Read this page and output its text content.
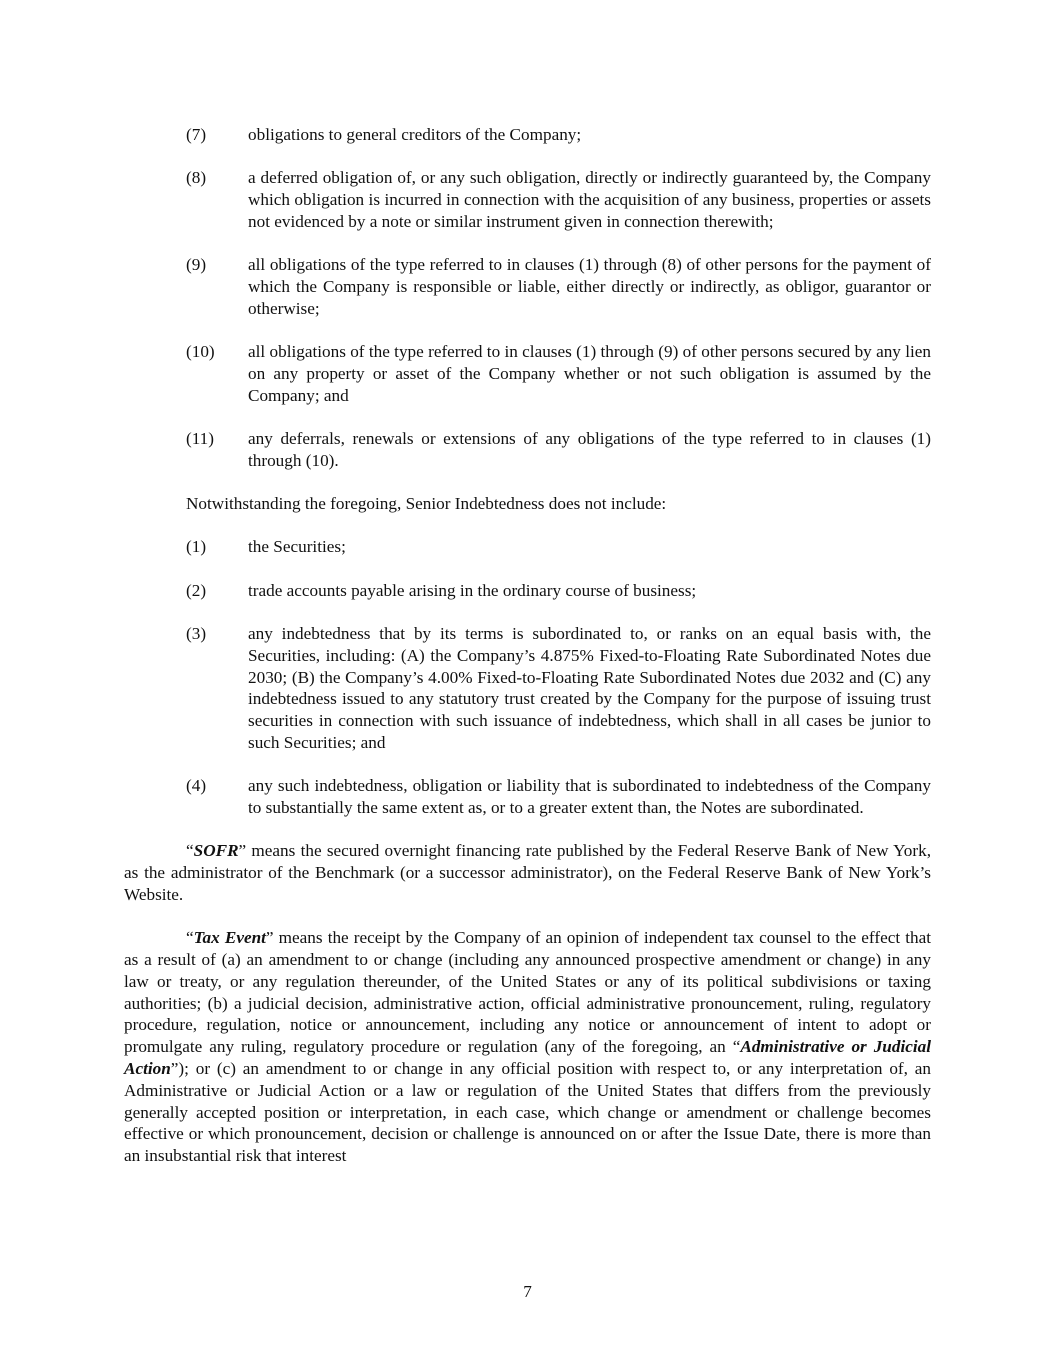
(7)	obligations to general creditors of the Company;
(8)	a deferred obligation of, or any such obligation, directly or indirectly guaranteed by, the Company which obligation is incurred in connection with the acquisition of any business, properties or assets not evidenced by a note or similar instrument given in connection therewith;
(9)	all obligations of the type referred to in clauses (1) through (8) of other persons for the payment of which the Company is responsible or liable, either directly or indirectly, as obligor, guarantor or otherwise;
(10)	all obligations of the type referred to in clauses (1) through (9) of other persons secured by any lien on any property or asset of the Company whether or not such obligation is assumed by the Company; and
(11)	any deferrals, renewals or extensions of any obligations of the type referred to in clauses (1) through (10).
Notwithstanding the foregoing, Senior Indebtedness does not include:
(1)	the Securities;
(2)	trade accounts payable arising in the ordinary course of business;
(3)	any indebtedness that by its terms is subordinated to, or ranks on an equal basis with, the Securities, including: (A) the Company’s 4.875% Fixed-to-Floating Rate Subordinated Notes due 2030; (B) the Company’s 4.00% Fixed-to-Floating Rate Subordinated Notes due 2032 and (C) any indebtedness issued to any statutory trust created by the Company for the purpose of issuing trust securities in connection with such issuance of indebtedness, which shall in all cases be junior to such Securities; and
(4)	any such indebtedness, obligation or liability that is subordinated to indebtedness of the Company to substantially the same extent as, or to a greater extent than, the Notes are subordinated.

“SOFR” means the secured overnight financing rate published by the Federal Reserve Bank of New York, as the administrator of the Benchmark (or a successor administrator), on the Federal Reserve Bank of New York’s Website.

“Tax Event” means the receipt by the Company of an opinion of independent tax counsel to the effect that as a result of (a) an amendment to or change (including any announced prospective amendment or change) in any law or treaty, or any regulation thereunder, of the United States or any of its political subdivisions or taxing authorities; (b) a judicial decision, administrative action, official administrative pronouncement, ruling, regulatory procedure, regulation, notice or announcement, including any notice or announcement of intent to adopt or promulgate any ruling, regulatory procedure or regulation (any of the foregoing, an “Administrative or Judicial Action”); or (c) an amendment to or change in any official position with respect to, or any interpretation of, an Administrative or Judicial Action or a law or regulation of the United States that differs from the previously generally accepted position or interpretation, in each case, which change or amendment or challenge becomes effective or which pronouncement, decision or challenge is announced on or after the Issue Date, there is more than an insubstantial risk that interest

7
